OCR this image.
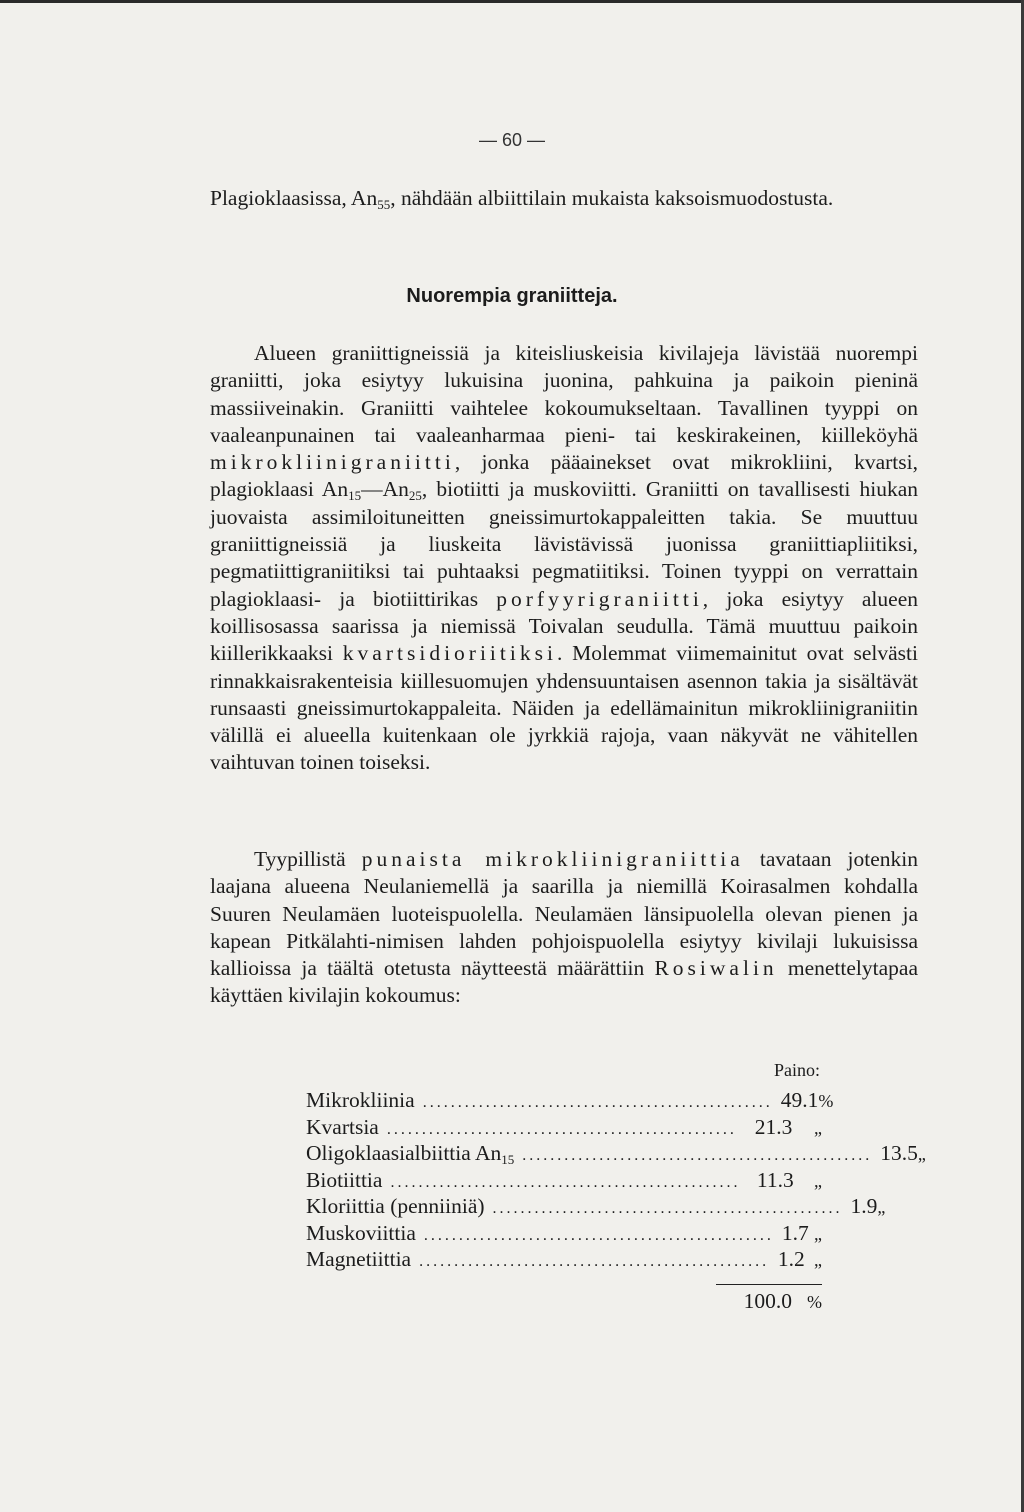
— 60 —

Plagioklaasissa, $An_{55}$, nähdään albiittilain mukaista kaksoismuodostusta.

Nuorempia graniitteja.

Alueen graniittigneissiä ja kiteisliuskeisia kivilajeja lävistää nuorempi graniitti, joka esiytyy lukuisina juonina, pahkuina ja paikoin pieninä massiiveinakin. Graniitti vaihtelee kokoumukseltaan. Tavallinen tyyppi on vaaleanpunainen tai vaaleanharmaa pieni- tai keskirakeinen, kiilleköyhä mikrokliinigraniitti, jonka pääainekset ovat mikrokliini, kvartsi, plagioklaasi $An_{15}—An_{25}$, biotiitti ja muskoviitti. Graniitti on tavallisesti hiukan juovaista assimiloituneitten gneissimurtokappaleitten takia. Se muuttuu graniittigneissiä ja liuskeita lävistävissä juonissa graniittiapliitiksi, pegmatiittigraniitiksi tai puhtaaksi pegmatiitiksi. Toinen tyyppi on verrattain plagioklaasi- ja biotiittirikas porfyyrigraniitti, joka esiytyy alueen koillisosassa saarissa ja niemissä Toivalan seudulla. Tämä muuttuu paikoin kiillerikkaaksi kvartsidioriitiksi. Molemmat viimemainitut ovat selvästi rinnakkaisrakenteisia kiillesuomujen yhdensuuntaisen asennon takia ja sisältävät runsaasti gneissimurtokappaleita. Näiden ja edellämainitun mikrokliinigraniitin välillä ei alueella kuitenkaan ole jyrkkiä rajoja, vaan näkyvät ne vähitellen vaihtuvan toinen toiseksi.

Tyypillistä punaista mikrokliinigraniittia tavataan jotenkin laajana alueena Neulaniemellä ja saarilla ja niemillä Koirasalmen kohdalla Suuren Neulamäen luoteispuolella. Neulamäen länsipuolella olevan pienen ja kapean Pitkälahti-nimisen lahden pohjoispuolella esiytyy kivilaji lukuisissa kallioissa ja täältä otetusta näytteestä määrättiin Rosiwalin menettelytapaa käyttäen kivilajin kokoumus:

Paino:
Mikrokliinia .................................................. 49.1 %
Kvartsia .................................................. 21.3	„
Oligoklaasialbiittia $An_{15}$ .................................................. 13.5 „
Biotiittia .................................................. 11.3	„
Kloriittia (penniiniä) .................................................. 1.9 „
Muskoviittia .................................................. 1.7 „
Magnetiittia .................................................. 1.2 „
100.0 %
